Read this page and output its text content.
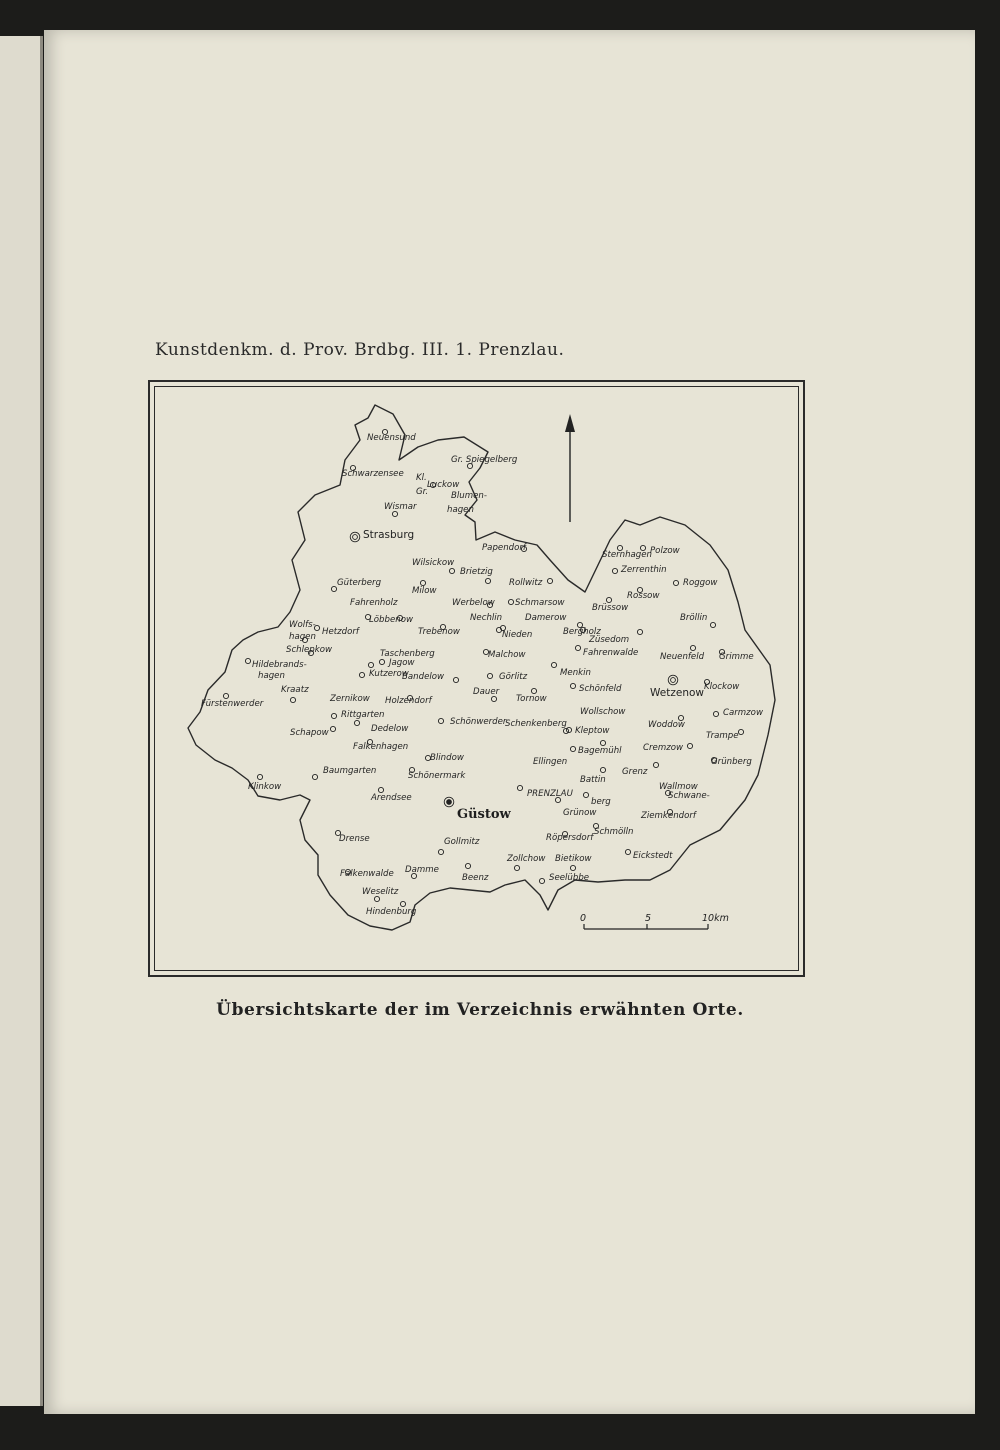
Kunstdenkm. d. Prov. Brdbg. III. 1. Prenzlau.
0	5	10km
Neuensund
Schwarzensee
Gr. Spiegelberg
Kl.
Gr.
Luckow
Blumen-
hagen
Wismar
Strasburg
Papendorf
Wilsickow
Brietzig
Güterberg
Milow
Rollwitz
Fahrenholz	Werbelow Schmarsow
Wolfs-
hagen
Löbbenow	Nechlin	Damerow
Trebenow	Nieden
Hetzdorf
Schlepkow
Hildebrands-
hagen
Taschenberg
Jagow
Kutzerow
Bandelow
Malchow
Görlitz
Kraatz
Zernikow Holzendorf
Fürstenwerder
Dauer
Tornow
Rittgarten
Dedelow
Schönwerder
Schenkenberg
Kleptow
Schapow
Falkenhagen
Blindow	Ellingen
Baumgarten	Schönermark
Klinkow
Arendsee
Güstow
PRENZLAU
Grünow
Drense	Gollmitz	Röpersdorf
Damme
Zollchow Bietikow
Falkenwalde	Beenz	Seelübbe
Weselitz
Hindenburg
Sternhagen
Polzow
Zerrenthin
Roggow
Rossow
Wetzenow
Brüssow
Bröllin
Bergholz
Züsedom
Fahrenwalde	Neuenfeld Grimme
Menkin
Schönfeld	Klockow
Wollschow	Carmzow
Woddow
Trampe
Bagemühl Cremzow
Grünberg
Battin
Grenz
Wallmow
Schwane-
berg
Ziemkendorf
Schmölln
Eickstedt

Übersichtskarte der im Verzeichnis erwähnten Orte.
